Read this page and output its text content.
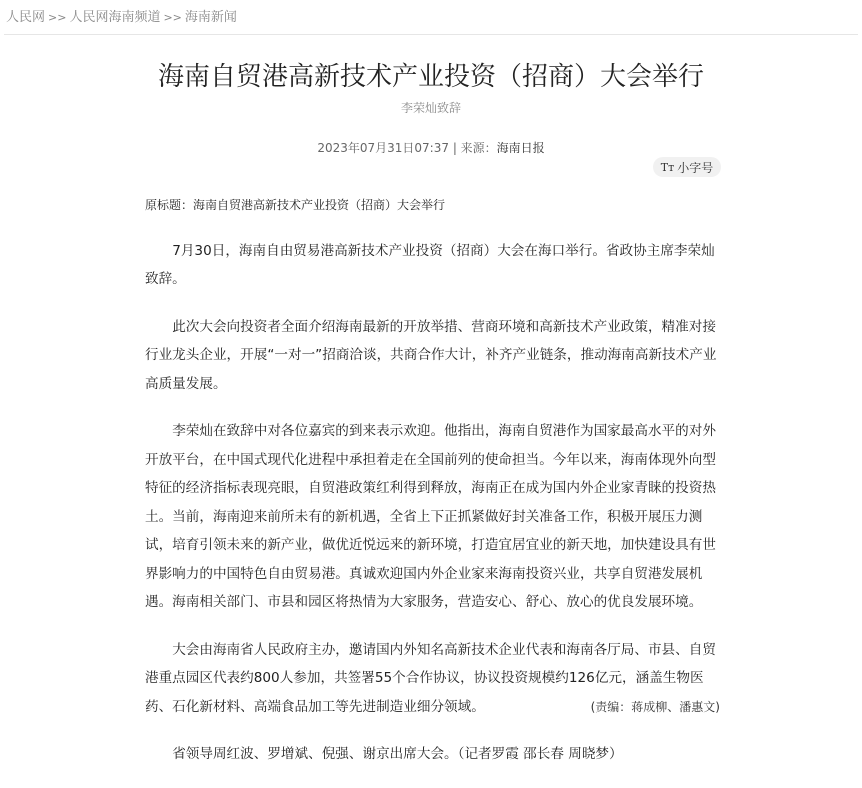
人民网 >> 人民网海南频道 >> 海南新闻
海南自贸港高新技术产业投资（招商）大会举行
李荣灿致辞
2023年07月31日07:37 | 来源：海南日报
Tт 小字号

原标题：海南自贸港高新技术产业投资（招商）大会举行

7月30日，海南自由贸易港高新技术产业投资（招商）大会在海口举行。省政协主席李荣灿致辞。

此次大会向投资者全面介绍海南最新的开放举措、营商环境和高新技术产业政策，精准对接行业龙头企业，开展“一对一”招商洽谈，共商合作大计，补齐产业链条，推动海南高新技术产业高质量发展。

李荣灿在致辞中对各位嘉宾的到来表示欢迎。他指出，海南自贸港作为国家最高水平的对外开放平台，在中国式现代化进程中承担着走在全国前列的使命担当。今年以来，海南体现外向型特征的经济指标表现亮眼，自贸港政策红利得到释放，海南正在成为国内外企业家青睐的投资热土。当前，海南迎来前所未有的新机遇，全省上下正抓紧做好封关准备工作，积极开展压力测试，培育引领未来的新产业，做优近悦远来的新环境，打造宜居宜业的新天地，加快建设具有世界影响力的中国特色自由贸易港。真诚欢迎国内外企业家来海南投资兴业，共享自贸港发展机遇。海南相关部门、市县和园区将热情为大家服务，营造安心、舒心、放心的优良发展环境。

大会由海南省人民政府主办，邀请国内外知名高新技术企业代表和海南各厅局、市县、自贸港重点园区代表约800人参加，共签署55个合作协议，协议投资规模约126亿元，涵盖生物医药、石化新材料、高端食品加工等先进制造业细分领域。

省领导周红波、罗增斌、倪强、谢京出席大会。（记者罗霞 邵长春 周晓梦）

(责编：蒋成柳、潘惠文)
